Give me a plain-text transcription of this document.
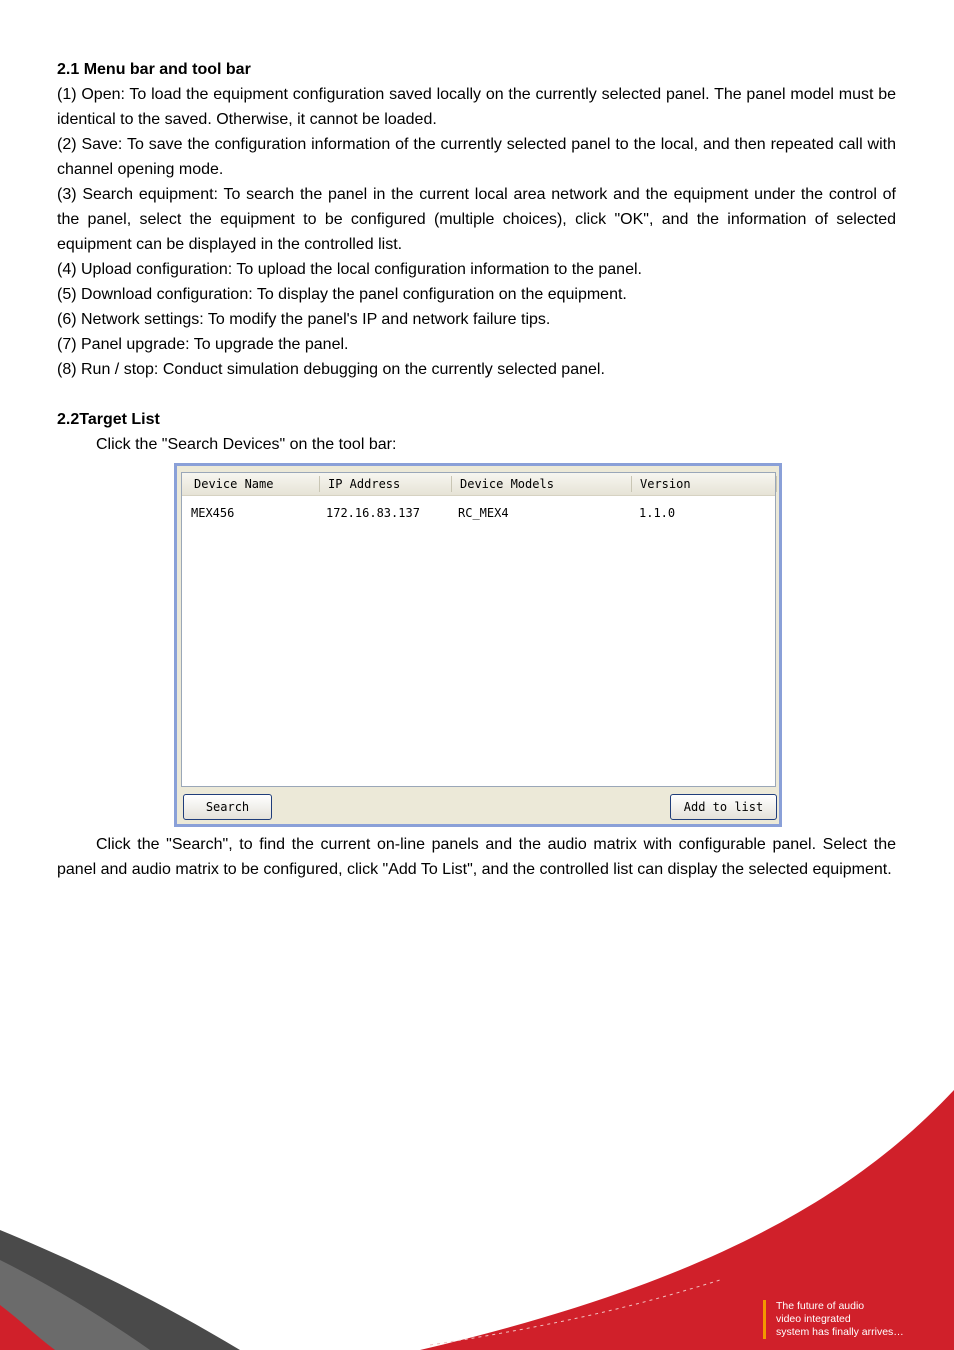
2.1 Menu bar and tool bar

(1) Open: To load the equipment configuration saved locally on the currently selected panel. The panel model must be identical to the saved. Otherwise, it cannot be loaded.

(2) Save: To save the configuration information of the currently selected panel to the local, and then repeated call with channel opening mode.

(3) Search equipment: To search the panel in the current local area network and the equipment under the control of the panel, select the equipment to be configured (multiple choices), click "OK", and the information of selected equipment can be displayed in the controlled list.

(4) Upload configuration: To upload the local configuration information to the panel.

(5) Download configuration: To display the panel configuration on the equipment.

(6) Network settings: To modify the panel's IP and network failure tips.

(7) Panel upgrade: To upgrade the panel.

(8) Run / stop: Conduct simulation debugging on the currently selected panel.

2.2Target List

Click the "Search Devices" on the tool bar:

Device Name	IP Address	Device Models	Version
MEX456	172.16.83.137	RC_MEX4	1.1.0
Search	Add to list

Click the "Search", to find the current on-line panels and the audio matrix with configurable panel. Select the panel and audio matrix to be configured, click "Add To List", and the controlled list can display the selected equipment.

The future of audio
video integrated
system has finally arrives…
